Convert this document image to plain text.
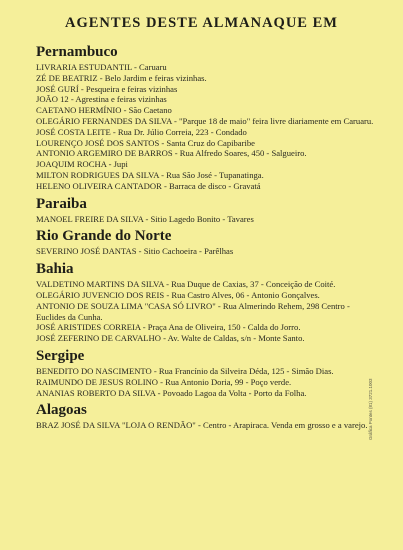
AGENTES DESTE ALMANAQUE EM
Pernambuco

LIVRARIA ESTUDANTIL - Caruaru

ZÉ DE BEATRIZ - Belo Jardim e feiras vizinhas.

JOSÉ GURÍ - Pesqueira e feiras vizinhas

JOÃO 12 - Agrestina e feiras vizinhas

CAETANO HERMÍNIO - São Caetano

OLEGÁRIO FERNANDES DA SILVA - "Parque 18 de maio" feira livre diariamente em Caruaru.

JOSÉ COSTA LEITE - Rua Dr. Júlio Correia, 223 - Condado

LOURENÇO JOSÉ DOS SANTOS - Santa Cruz do Capibaribe

ANTONIO ARGEMIRO DE BARROS - Rua Alfredo Soares, 450 - Salgueiro.

JOAQUIM ROCHA - Jupi

MILTON RODRIGUES DA SILVA - Rua São José - Tupanatinga.

HELENO OLIVEIRA CANTADOR - Barraca de disco - Gravatá

Paraiba

MANOEL FREIRE DA SILVA - Sitio Lagedo Bonito - Tavares

Rio Grande do Norte

SEVERINO JOSÉ DANTAS - Sitio Cachoeira - Parêlhas

Bahia

VALDETINO MARTINS DA SILVA - Rua Duque de Caxias, 37 - Conceição de Coité.

OLEGÁRIO JUVENCIO DOS REIS - Rua Castro Alves, 06 - Antonio Gonçalves.

ANTONIO DE SOUZA LIMA "CASA SÓ LIVRO" - Rua Almerindo Rehem, 298 Centro - Euclides da Cunha.

JOSÉ ARISTIDES CORREIA - Praça Ana de Oliveira, 150 - Calda do Jorro.

JOSÉ ZEFERINO DE CARVALHO - Av. Walte de Caldas, s/n - Monte Santo.

Sergipe

BENEDITO DO NASCIMENTO - Rua Francínio da Silveira Déda, 125 - Simão Dias.

RAIMUNDO DE JESUS ROLINO - Rua Antonio Doria, 99 - Poço verde.

ANANIAS ROBERTO DA SILVA - Povoado Lagoa da Volta - Porto da Folha.

Alagoas

BRAZ JOSÉ DA SILVA "LOJA O RENDÃO" - Centro - Arapiraca. Venda em grosso e a varejo. Gráfica Pontes (81) 3721.1003
